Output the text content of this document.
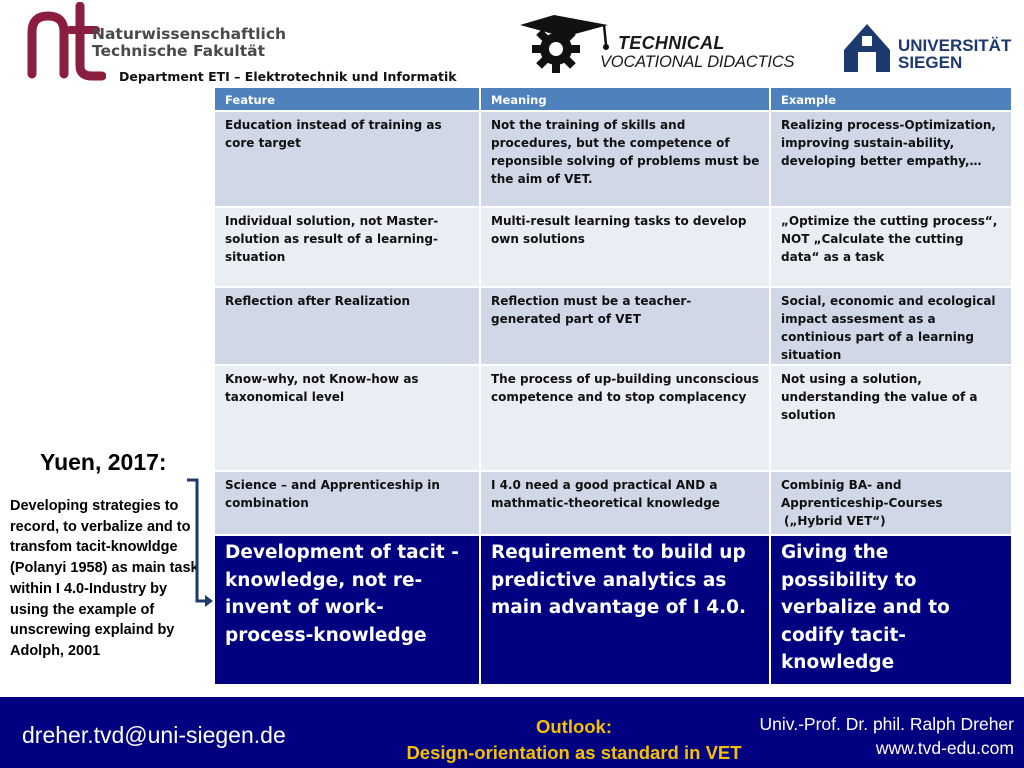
Naturwissenschaftlich
Technische Fakultät
Department ETI – Elektrotechnik und Informatik
TECHNICAL
VOCATIONAL DIDACTICS
UNIVERSITÄT
SIEGEN
Feature	Meaning	Example
Education instead of training as core target	Not the training of skills and procedures, but the competence of reponsible solving of problems must be the aim of VET.	Realizing process-Optimization, improving sustain-ability, developing better empathy,…
Individual solution, not Master-solution as result of a learning-situation	Multi-result learning tasks to develop own solutions	„Optimize the cutting process“, NOT „Calculate the cutting data“ as a task
Reflection after Realization	Reflection must be a teacher-generated part of VET	Social, economic and ecological impact assesment as a continious part of a learning situation
Know-why, not Know-how as taxonomical level	The process of up-building unconscious competence and to stop complacency	Not using a solution, understanding the value of a solution
Science – and Apprenticeship in combination	I 4.0 need a good practical AND a mathmatic-theoretical knowledge	Combinig BA- and Apprenticeship-Courses
(„Hybrid VET“)

Development of tacit - knowledge, not re-invent of work-process-knowledge	Requirement to build up predictive analytics as main advantage of I 4.0.	Giving the possibility to verbalize and to codify tacit-knowledge
Yuen, 2017:
Developing strategies to record, to verbalize and to transfom tacit-knowldge (Polanyi 1958) as main task within I 4.0-Industry by using the example of unscrewing explaind by Adolph, 2001
dreher.tvd@uni-siegen.de	Outlook:
Design-orientation as standard in VET
Univ.-Prof. Dr. phil. Ralph Dreher
www.tvd-edu.com
